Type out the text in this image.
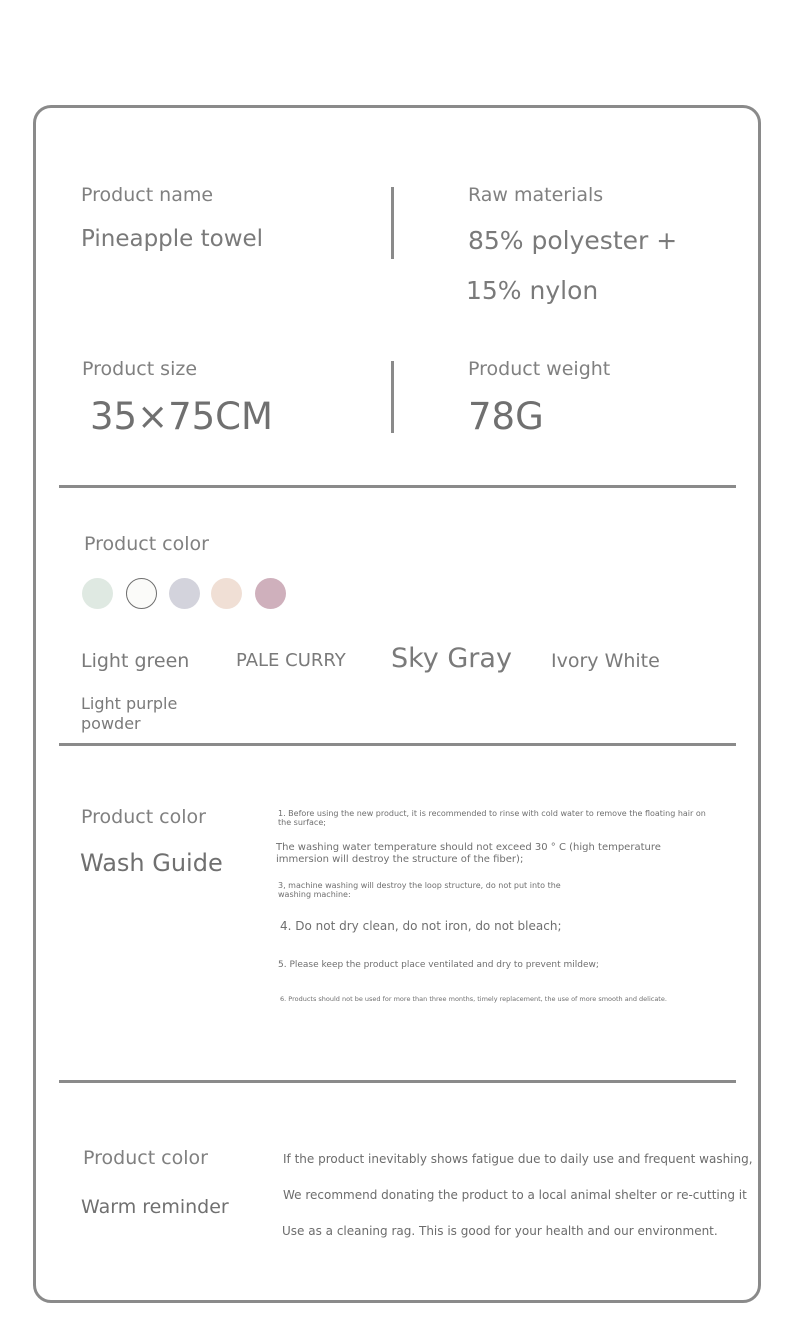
Product name
Pineapple towel
Raw materials
85% polyester +
15% nylon
Product size
35×75CM
Product weight
78G
Product color
Light green	PALE CURRY Sky Gray Ivory White
Light purple powder
Product color
Wash Guide
1. Before using the new product, it is recommended to rinse with cold water to remove the floating hair on the surface;
The washing water temperature should not exceed 30 ° C (high temperature immersion will destroy the structure of the fiber);
3, machine washing will destroy the loop structure, do not put into the washing machine:
4. Do not dry clean, do not iron, do not bleach;
5. Please keep the product place ventilated and dry to prevent mildew;
6. Products should not be used for more than three months, timely replacement, the use of more smooth and delicate.
Product color
Warm reminder
If the product inevitably shows fatigue due to daily use and frequent washing,
We recommend donating the product to a local animal shelter or re-cutting it
Use as a cleaning rag. This is good for your health and our environment.
